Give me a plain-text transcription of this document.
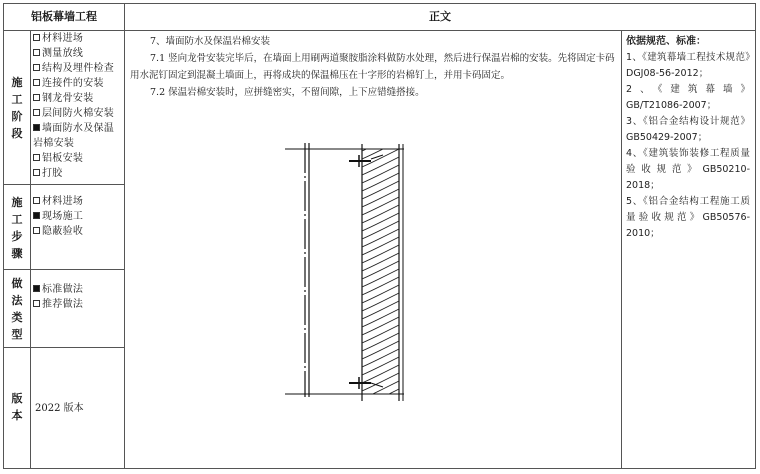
铝板幕墙工程	正文
施
工
阶
段
施
工
步
骤
做
法
类
型
版
本
材料进场
测量放线
结构及埋件检查
连接件的安装
钢龙骨安装
层间防火棉安装
墙面防水及保温
岩棉安装
铝板安装
打胶
材料进场
现场施工
隐蔽验收
标准做法
推荐做法
2022 版本

7、墙面防水及保温岩棉安装

7.1 竖向龙骨安装完毕后，在墙面上用刷两道聚胺脂涂料做防水处理，然后进行保温岩棉的安装。先将固定卡码用水泥钉固定到混凝土墙面上，再将成块的保温棉压在十字形的岩棉钉上，并用卡码固定。

7.2 保温岩棉安装时，应拼缝密实，不留间隙，上下应错缝搭接。

依据规范、标准：

1、《建筑幕墙工程技术规范》DGJ08-56-2012；

2、《建筑幕墙》GB/T21086-2007；

3、《铝合金结构设计规范》GB50429-2007；

4、《建筑装饰装修工程质量验收规范》GB50210-2018；

5、《铝合金结构工程施工质量验收规范》GB50576-2010；
